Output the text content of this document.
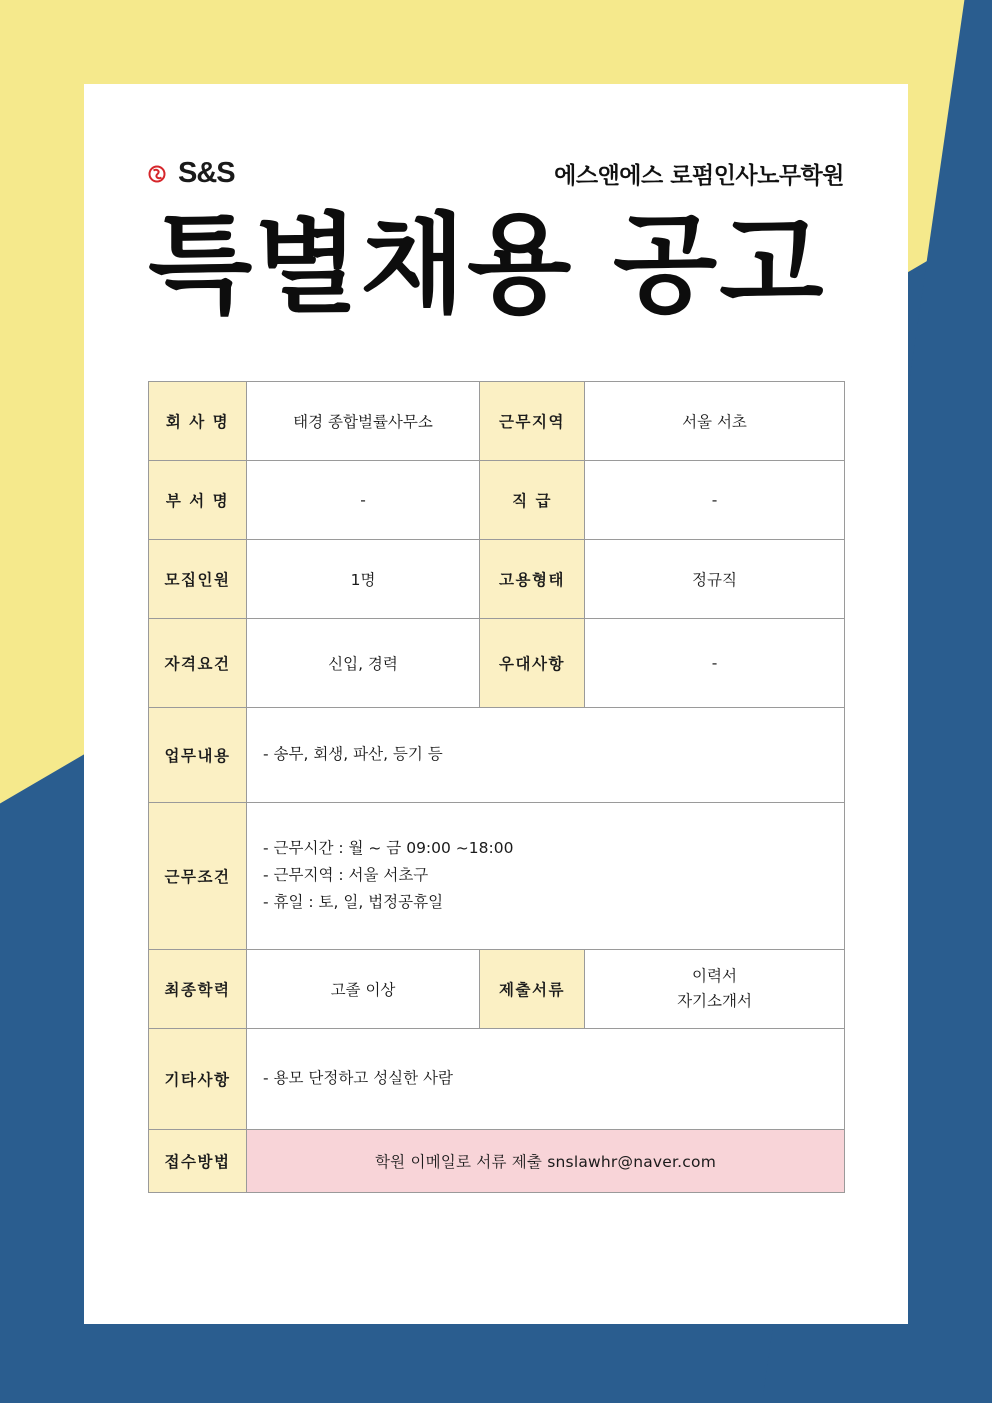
S&S	에스앤에스 로펌인사노무학원
특별채용 공고
회 사 명	태경 종합벌률사무소	근무지역	서울 서초
부 서 명	-	직 급	-
모집인원	1명	고용형태	정규직
자격요건	신입, 경력	우대사항	-
업무내용	- 송무, 회생, 파산, 등기 등		
근무조건	- 근무시간 : 월 ~ 금 09:00 ~18:00
- 근무지역 : 서울 서초구
- 휴일 : 토, 일, 법정공휴일		

최종학력	고졸 이상	제출서류	이력서
자기소개서

기타사항	- 용모 단정하고 성실한 사람		
접수방법	학원 이메일로 서류 제출 snslawhr@naver.com		
